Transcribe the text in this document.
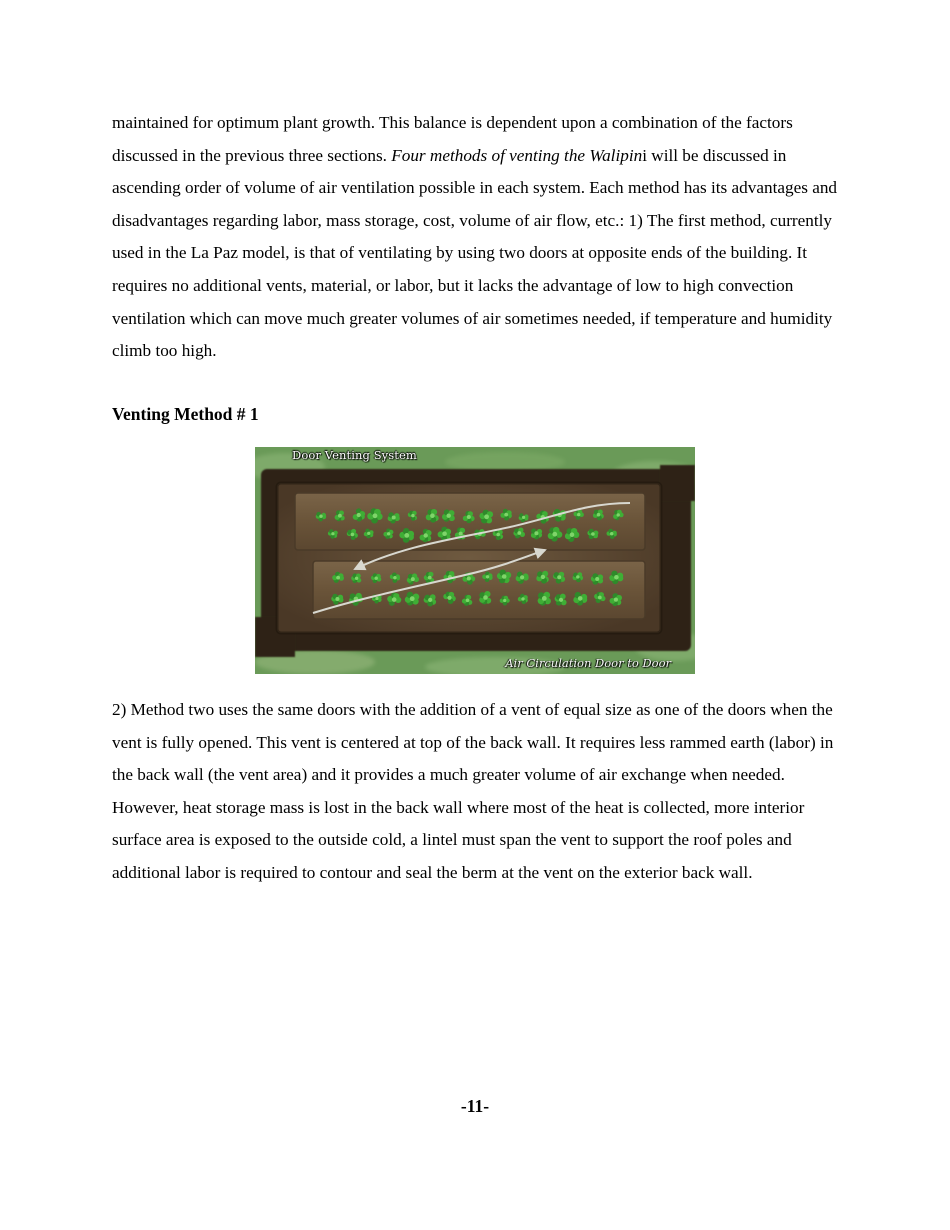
maintained for optimum plant growth. This balance is dependent upon a combination of the factors discussed in the previous three sections. Four methods of venting the Walipini will be discussed in ascending order of volume of air ventilation possible in each system. Each method has its advantages and disadvantages regarding labor, mass storage, cost, volume of air flow, etc.: 1) The first method, currently used in the La Paz model, is that of ventilating by using two doors at opposite ends of the building. It requires no additional vents, material, or labor, but it lacks the advantage of low to high convection ventilation which can move much greater volumes of air sometimes needed, if temperature and humidity climb too high.

Venting Method # 1
Door Venting System
Air Circulation Door to Door

2) Method two uses the same doors with the addition of a vent of equal size as one of the doors when the vent is fully opened. This vent is centered at top of the back wall. It requires less rammed earth (labor) in the back wall (the vent area) and it provides a much greater volume of air exchange when needed. However, heat storage mass is lost in the back wall where most of the heat is collected, more interior surface area is exposed to the outside cold, a lintel must span the vent to support the roof poles and additional labor is required to contour and seal the berm at the vent on the exterior back wall.

-11-
